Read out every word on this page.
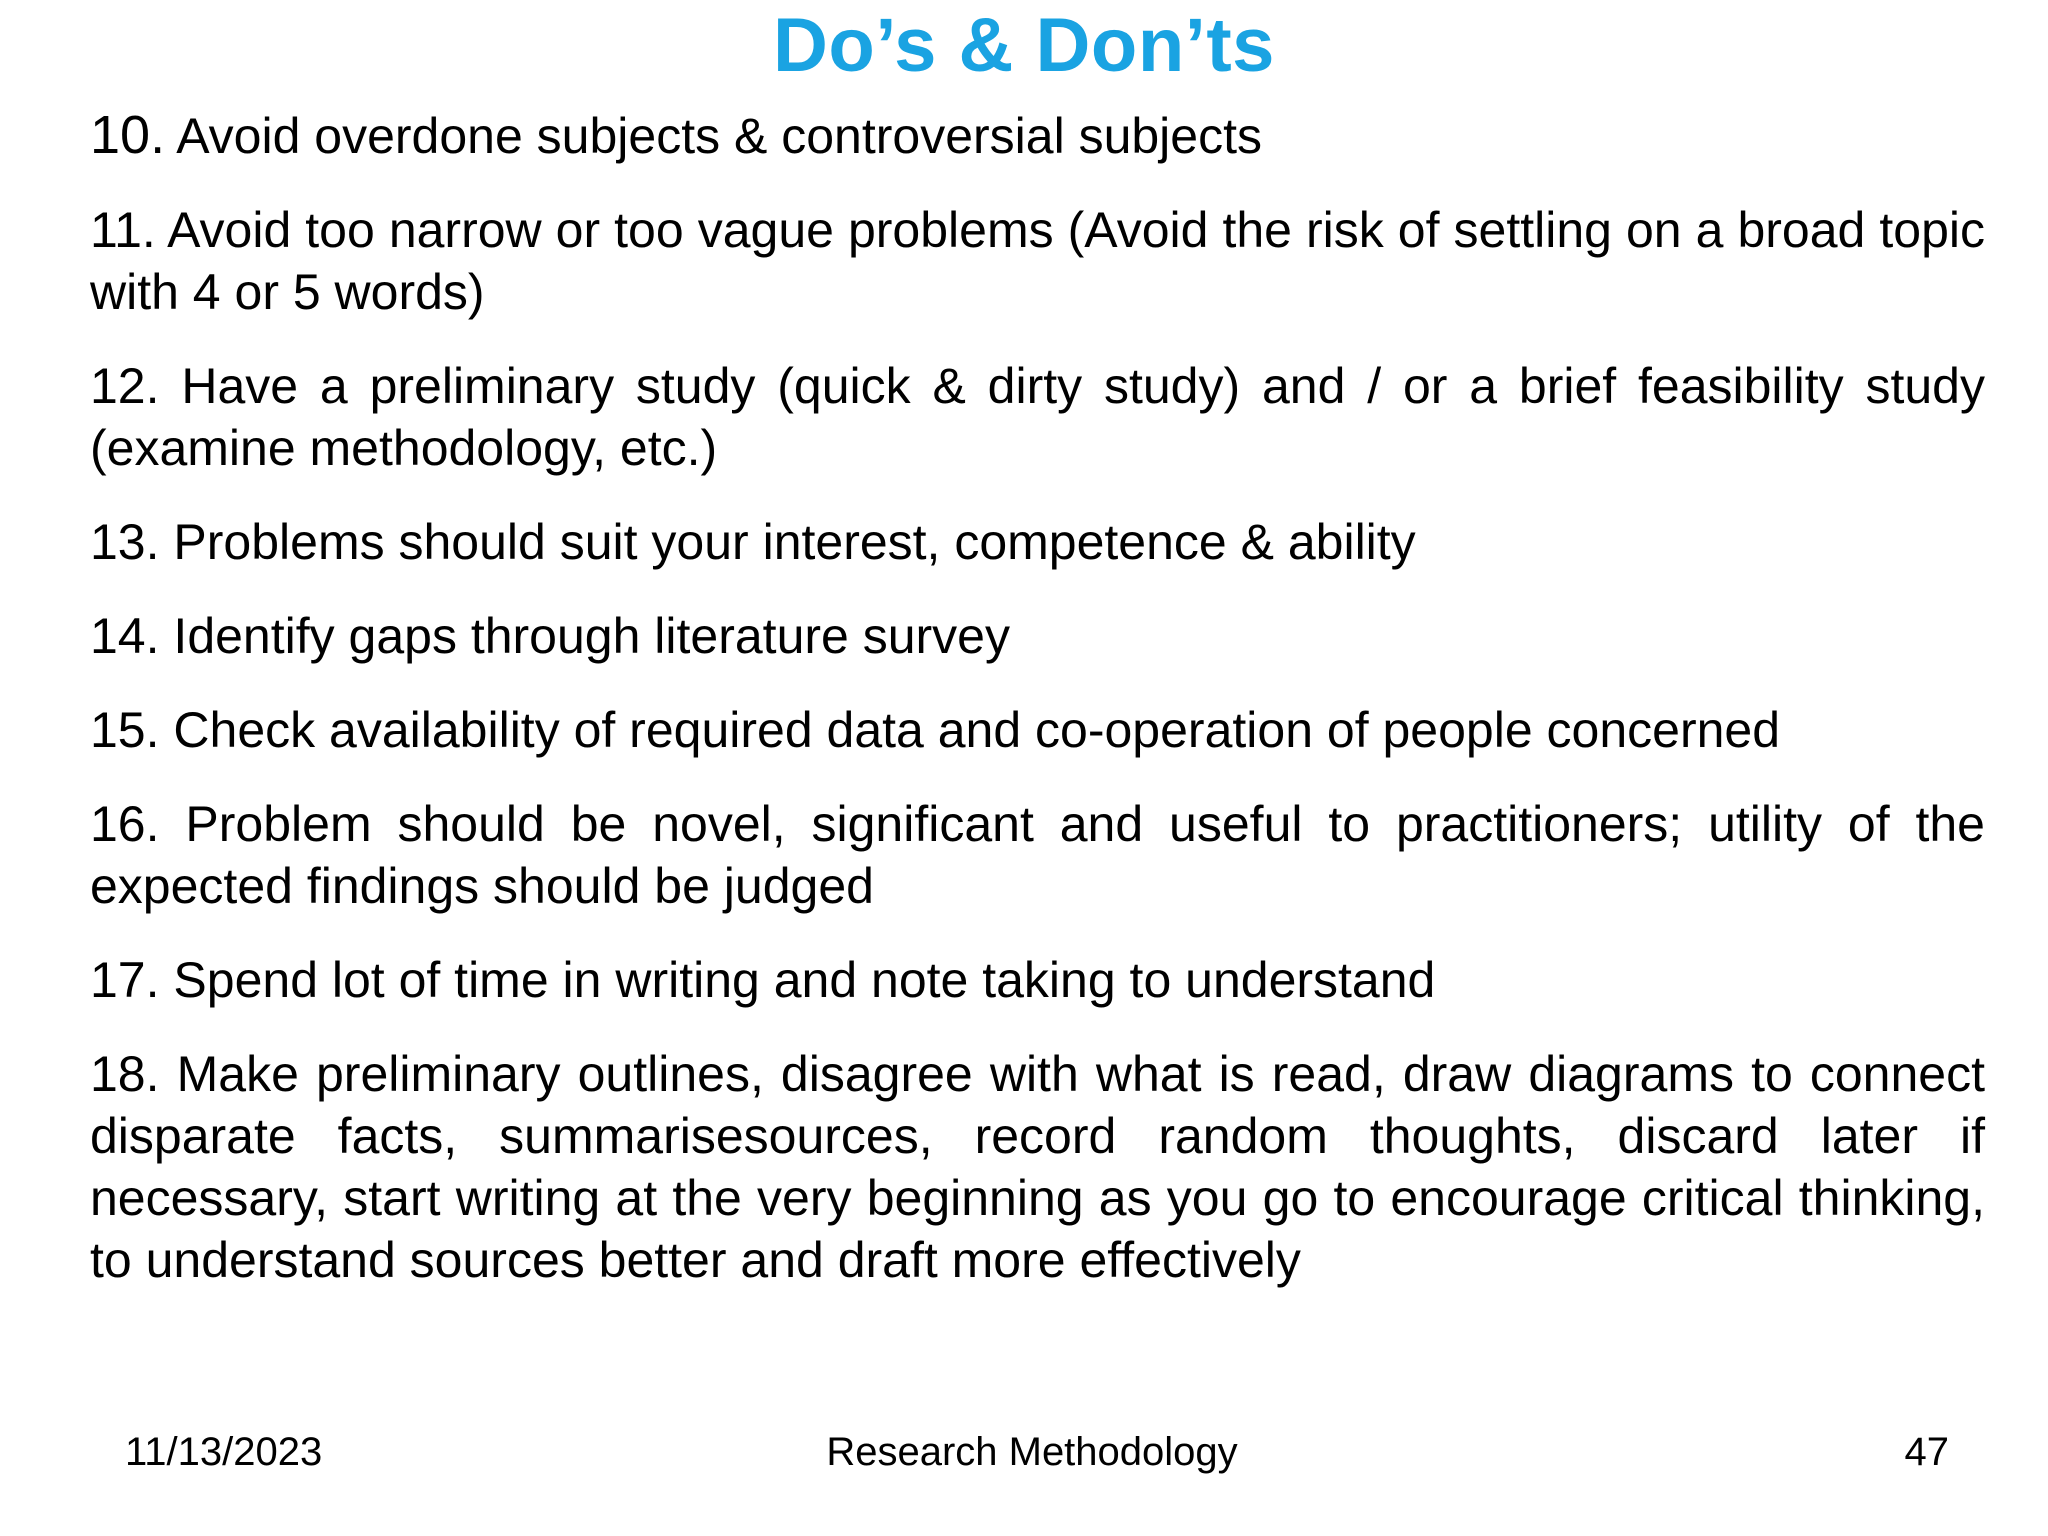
Do’s & Don’ts
10. Avoid overdone subjects & controversial subjects
11. Avoid too narrow or too vague problems (Avoid the risk of settling on a broad topic with 4 or 5 words)
12. Have a preliminary study (quick & dirty study) and / or a brief feasibility study (examine methodology, etc.)
13. Problems should suit your interest, competence & ability
14. Identify gaps through literature survey
15. Check availability of required data and co-operation of people concerned
16. Problem should be novel, significant and useful to practitioners; utility of the expected findings should be judged
17. Spend lot of time in writing and note taking to understand
18. Make preliminary outlines, disagree with what is read, draw diagrams to connect disparate facts, summarisesources, record random thoughts, discard later if necessary, start writing at the very beginning as you go to encourage critical thinking, to understand sources better and draft more effectively
11/13/2023	Research Methodology	47
